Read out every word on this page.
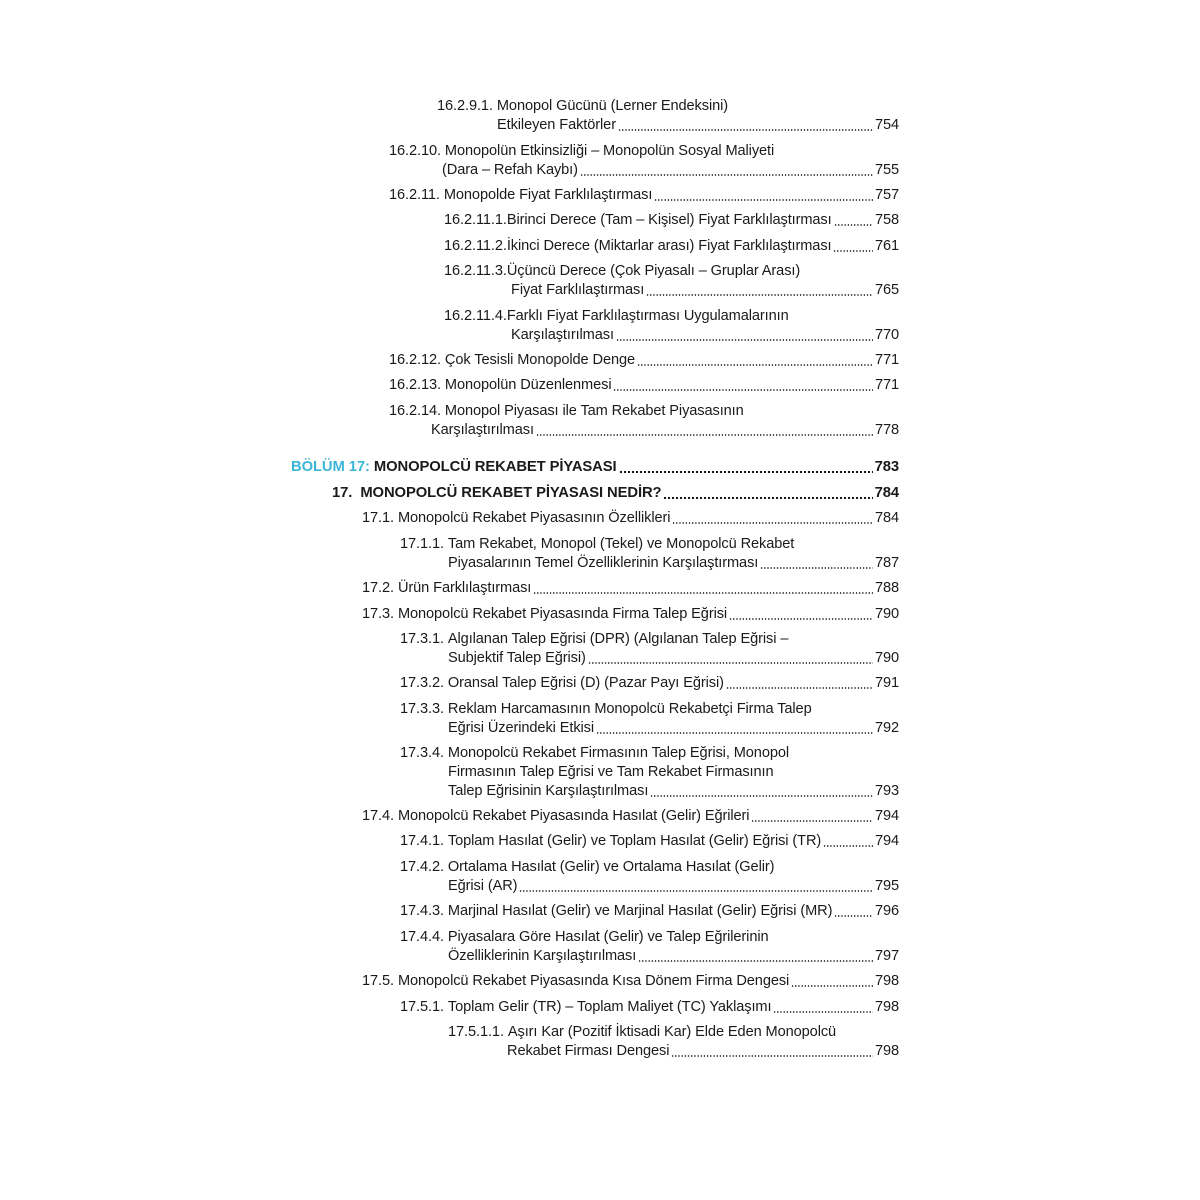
16.2.9.1.
Monopol Gücünü (Lerner Endeksini)
Etkileyen Faktörler	754
16.2.10.
Monopolün Etkinsizliği – Monopolün Sosyal Maliyeti
(Dara – Refah Kaybı)	755
16.2.11.
Monopolde Fiyat Farklılaştırması	757
16.2.11.1. Birinci Derece (Tam – Kişisel) Fiyat Farklılaştırması	758
16.2.11.2. İkinci Derece (Miktarlar arası) Fiyat Farklılaştırması	761
16.2.11.3. Üçüncü Derece (Çok Piyasalı – Gruplar Arası)
Fiyat Farklılaştırması	765
16.2.11.4. Farklı Fiyat Farklılaştırması Uygulamalarının
Karşılaştırılması	770
16.2.12.
Çok Tesisli Monopolde Denge	771
16.2.13.
Monopolün Düzenlenmesi	771
16.2.14.
Monopol Piyasası ile Tam Rekabet Piyasasının
Karşılaştırılması	778
BÖLÜM 17:
MONOPOLCÜ REKABET PİYASASI	783
17.
MONOPOLCÜ REKABET PİYASASI NEDİR?	784
17.1.
Monopolcü Rekabet Piyasasının Özellikleri	784
17.1.1.
Tam Rekabet, Monopol (Tekel) ve Monopolcü Rekabet
Piyasalarının Temel Özelliklerinin Karşılaştırması	787
17.2.
Ürün Farklılaştırması	788
17.3.
Monopolcü Rekabet Piyasasında Firma Talep Eğrisi	790
17.3.1.
Algılanan Talep Eğrisi (DPR) (Algılanan Talep Eğrisi –
Subjektif Talep Eğrisi)	790
17.3.2.
Oransal Talep Eğrisi (D) (Pazar Payı Eğrisi)	791
17.3.3.
Reklam Harcamasının Monopolcü Rekabetçi Firma Talep
Eğrisi Üzerindeki Etkisi	792
17.3.4.
Monopolcü Rekabet Firmasının Talep Eğrisi, Monopol
Firmasının Talep Eğrisi ve Tam Rekabet Firmasının
Talep Eğrisinin Karşılaştırılması	793
17.4.
Monopolcü Rekabet Piyasasında Hasılat (Gelir) Eğrileri	794
17.4.1.
Toplam Hasılat (Gelir) ve Toplam Hasılat (Gelir) Eğrisi (TR)	794
17.4.2.
Ortalama Hasılat (Gelir) ve Ortalama Hasılat (Gelir)
Eğrisi (AR)	795
17.4.3.
Marjinal Hasılat (Gelir) ve Marjinal Hasılat (Gelir) Eğrisi (MR)	796
17.4.4.
Piyasalara Göre Hasılat (Gelir) ve Talep Eğrilerinin
Özelliklerinin Karşılaştırılması	797
17.5.
Monopolcü Rekabet Piyasasında Kısa Dönem Firma Dengesi	798
17.5.1.
Toplam Gelir (TR) – Toplam Maliyet (TC) Yaklaşımı	798
17.5.1.1.
Aşırı Kar (Pozitif İktisadi Kar) Elde Eden Monopolcü
Rekabet Firması Dengesi	798
